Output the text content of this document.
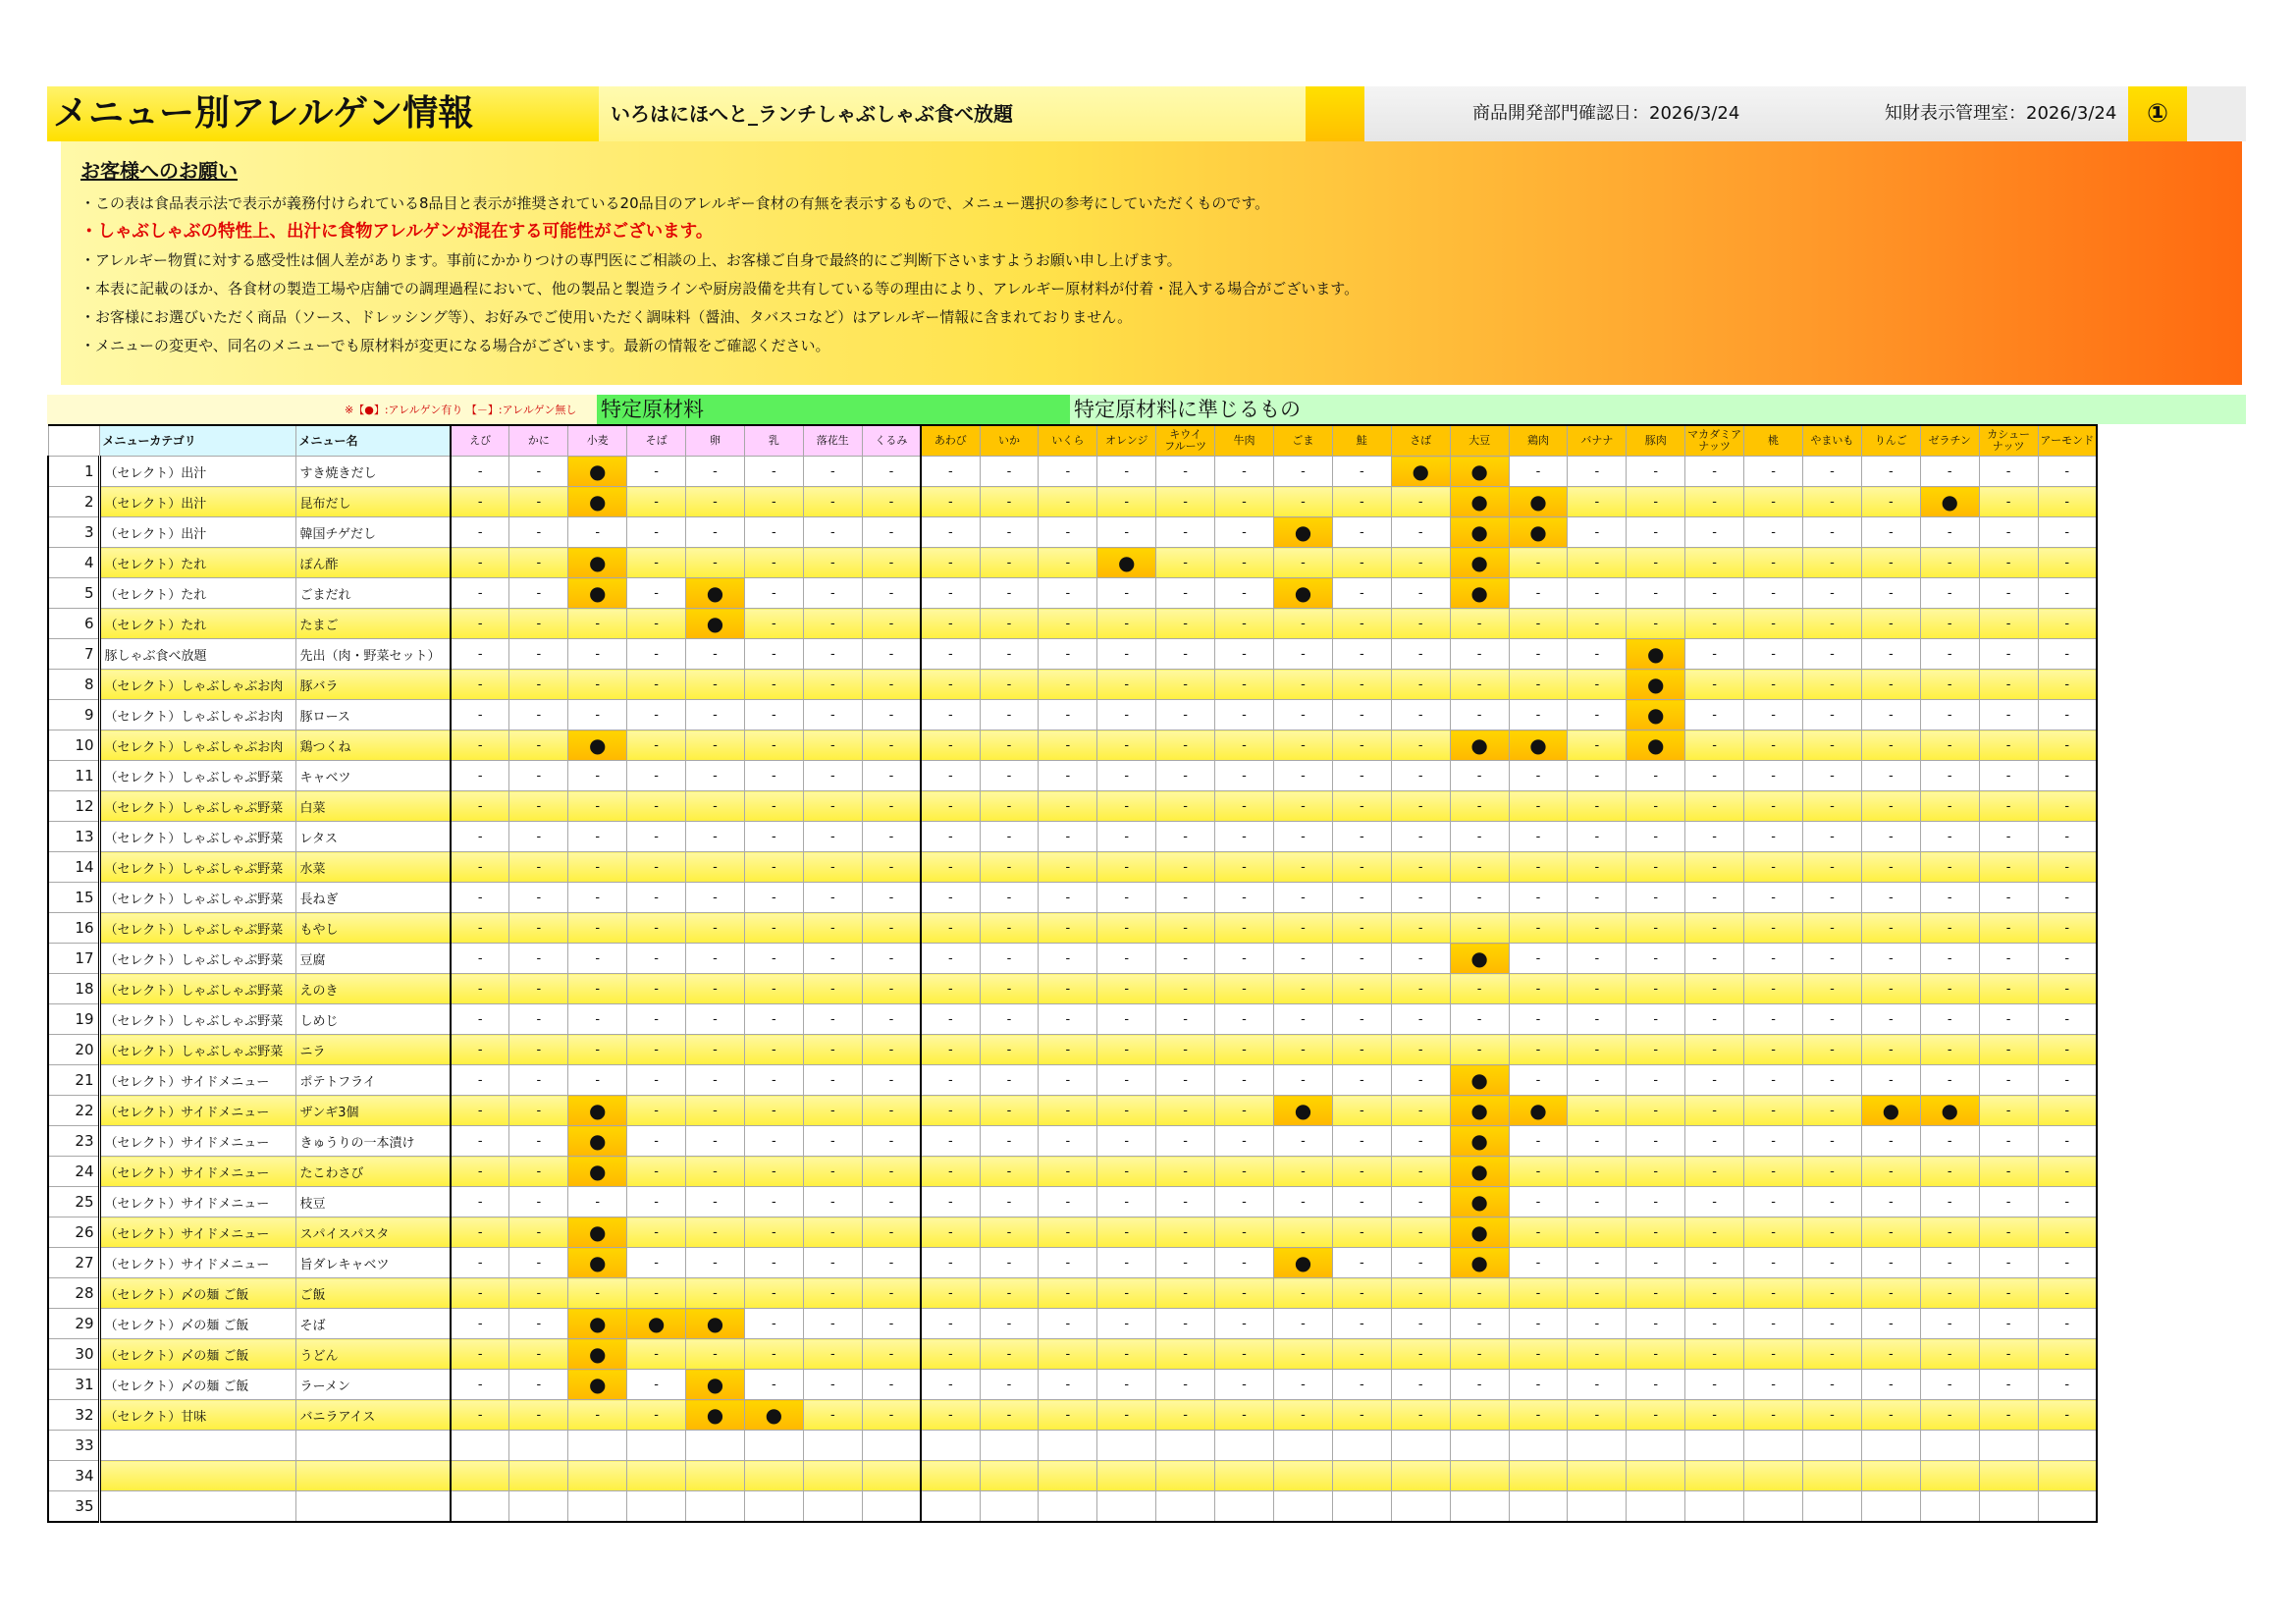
メニュー別アレルゲン情報	いろはにほへと_ランチしゃぶしゃぶ食べ放題	商品開発部門確認日：2026/3/24	知財表示管理室：2026/3/24	①
お客様へのお願い
・この表は食品表示法で表示が義務付けられている8品目と表示が推奨されている20品目のアレルギー食材の有無を表示するもので、メニュー選択の参考にしていただくものです。
・しゃぶしゃぶの特性上、出汁に食物アレルゲンが混在する可能性がございます。
・アレルギー物質に対する感受性は個人差があります。事前にかかりつけの専門医にご相談の上、お客様ご自身で最終的にご判断下さいますようお願い申し上げます。
・本表に記載のほか、各食材の製造工場や店舗での調理過程において、他の製品と製造ラインや厨房設備を共有している等の理由により、アレルギー原材料が付着・混入する場合がございます。
・お客様にお選びいただく商品（ソース、ドレッシング等）、お好みでご使用いただく調味料（醤油、タバスコなど）はアレルギー情報に含まれておりません。
・メニューの変更や、同名のメニューでも原材料が変更になる場合がございます。最新の情報をご確認ください。
※【●】:アレルゲン有り 【－】:アレルゲン無し 特定原材料	特定原材料に準じるもの
	メニューカテゴリ	メニュー名	えび	かに	小麦	そば	卵	乳	落花生	くるみ	あわび	いか	いくら	オレンジ	キウイ
フルーツ	牛肉	ごま	鮭	さば	大豆	鶏肉	バナナ	豚肉	マカダミア
ナッツ	桃	やまいも	りんご	ゼラチン	カシュー
ナッツ	アーモンド
1	（セレクト）出汁	すき焼きだし	-	-	●	-	-	-	-	-	-	-	-	-	-	-	-	-	●	●	-	-	-	-	-	-	-	-	-	-
2	（セレクト）出汁	昆布だし	-	-	●	-	-	-	-	-	-	-	-	-	-	-	-	-	-	●	●	-	-	-	-	-	-	●	-	-
3	（セレクト）出汁	韓国チゲだし	-	-	-	-	-	-	-	-	-	-	-	-	-	-	●	-	-	●	●	-	-	-	-	-	-	-	-	-
4	（セレクト）たれ	ぽん酢	-	-	●	-	-	-	-	-	-	-	-	●	-	-	-	-	-	●	-	-	-	-	-	-	-	-	-	-
5	（セレクト）たれ	ごまだれ	-	-	●	-	●	-	-	-	-	-	-	-	-	-	●	-	-	●	-	-	-	-	-	-	-	-	-	-
6	（セレクト）たれ	たまご	-	-	-	-	●	-	-	-	-	-	-	-	-	-	-	-	-	-	-	-	-	-	-	-	-	-	-	-
7	豚しゃぶ食べ放題	先出（肉・野菜セット）	-	-	-	-	-	-	-	-	-	-	-	-	-	-	-	-	-	-	-	-	●	-	-	-	-	-	-	-
8	（セレクト）しゃぶしゃぶお肉	豚バラ	-	-	-	-	-	-	-	-	-	-	-	-	-	-	-	-	-	-	-	-	●	-	-	-	-	-	-	-
9	（セレクト）しゃぶしゃぶお肉	豚ロース	-	-	-	-	-	-	-	-	-	-	-	-	-	-	-	-	-	-	-	-	●	-	-	-	-	-	-	-
10	（セレクト）しゃぶしゃぶお肉	鶏つくね	-	-	●	-	-	-	-	-	-	-	-	-	-	-	-	-	-	●	●	-	●	-	-	-	-	-	-	-
11	（セレクト）しゃぶしゃぶ野菜	キャベツ	-	-	-	-	-	-	-	-	-	-	-	-	-	-	-	-	-	-	-	-	-	-	-	-	-	-	-	-
12	（セレクト）しゃぶしゃぶ野菜	白菜	-	-	-	-	-	-	-	-	-	-	-	-	-	-	-	-	-	-	-	-	-	-	-	-	-	-	-	-
13	（セレクト）しゃぶしゃぶ野菜	レタス	-	-	-	-	-	-	-	-	-	-	-	-	-	-	-	-	-	-	-	-	-	-	-	-	-	-	-	-
14	（セレクト）しゃぶしゃぶ野菜	水菜	-	-	-	-	-	-	-	-	-	-	-	-	-	-	-	-	-	-	-	-	-	-	-	-	-	-	-	-
15	（セレクト）しゃぶしゃぶ野菜	長ねぎ	-	-	-	-	-	-	-	-	-	-	-	-	-	-	-	-	-	-	-	-	-	-	-	-	-	-	-	-
16	（セレクト）しゃぶしゃぶ野菜	もやし	-	-	-	-	-	-	-	-	-	-	-	-	-	-	-	-	-	-	-	-	-	-	-	-	-	-	-	-
17	（セレクト）しゃぶしゃぶ野菜	豆腐	-	-	-	-	-	-	-	-	-	-	-	-	-	-	-	-	-	●	-	-	-	-	-	-	-	-	-	-
18	（セレクト）しゃぶしゃぶ野菜	えのき	-	-	-	-	-	-	-	-	-	-	-	-	-	-	-	-	-	-	-	-	-	-	-	-	-	-	-	-
19	（セレクト）しゃぶしゃぶ野菜	しめじ	-	-	-	-	-	-	-	-	-	-	-	-	-	-	-	-	-	-	-	-	-	-	-	-	-	-	-	-
20	（セレクト）しゃぶしゃぶ野菜	ニラ	-	-	-	-	-	-	-	-	-	-	-	-	-	-	-	-	-	-	-	-	-	-	-	-	-	-	-	-
21	（セレクト）サイドメニュー	ポテトフライ	-	-	-	-	-	-	-	-	-	-	-	-	-	-	-	-	-	●	-	-	-	-	-	-	-	-	-	-
22	（セレクト）サイドメニュー	ザンギ3個	-	-	●	-	-	-	-	-	-	-	-	-	-	-	●	-	-	●	●	-	-	-	-	-	●	●	-	-
23	（セレクト）サイドメニュー	きゅうりの一本漬け	-	-	●	-	-	-	-	-	-	-	-	-	-	-	-	-	-	●	-	-	-	-	-	-	-	-	-	-
24	（セレクト）サイドメニュー	たこわさび	-	-	●	-	-	-	-	-	-	-	-	-	-	-	-	-	-	●	-	-	-	-	-	-	-	-	-	-
25	（セレクト）サイドメニュー	枝豆	-	-	-	-	-	-	-	-	-	-	-	-	-	-	-	-	-	●	-	-	-	-	-	-	-	-	-	-
26	（セレクト）サイドメニュー	スパイスパスタ	-	-	●	-	-	-	-	-	-	-	-	-	-	-	-	-	-	●	-	-	-	-	-	-	-	-	-	-
27	（セレクト）サイドメニュー	旨ダレキャベツ	-	-	●	-	-	-	-	-	-	-	-	-	-	-	●	-	-	●	-	-	-	-	-	-	-	-	-	-
28	（セレクト）〆の麺 ご飯	ご飯	-	-	-	-	-	-	-	-	-	-	-	-	-	-	-	-	-	-	-	-	-	-	-	-	-	-	-	-
29	（セレクト）〆の麺 ご飯	そば	-	-	●	●	●	-	-	-	-	-	-	-	-	-	-	-	-	-	-	-	-	-	-	-	-	-	-	-
30	（セレクト）〆の麺 ご飯	うどん	-	-	●	-	-	-	-	-	-	-	-	-	-	-	-	-	-	-	-	-	-	-	-	-	-	-	-	-
31	（セレクト）〆の麺 ご飯	ラーメン	-	-	●	-	●	-	-	-	-	-	-	-	-	-	-	-	-	-	-	-	-	-	-	-	-	-	-	-
32	（セレクト）甘味	バニラアイス	-	-	-	-	●	●	-	-	-	-	-	-	-	-	-	-	-	-	-	-	-	-	-	-	-	-	-	-
33																														
34																														
35																														
